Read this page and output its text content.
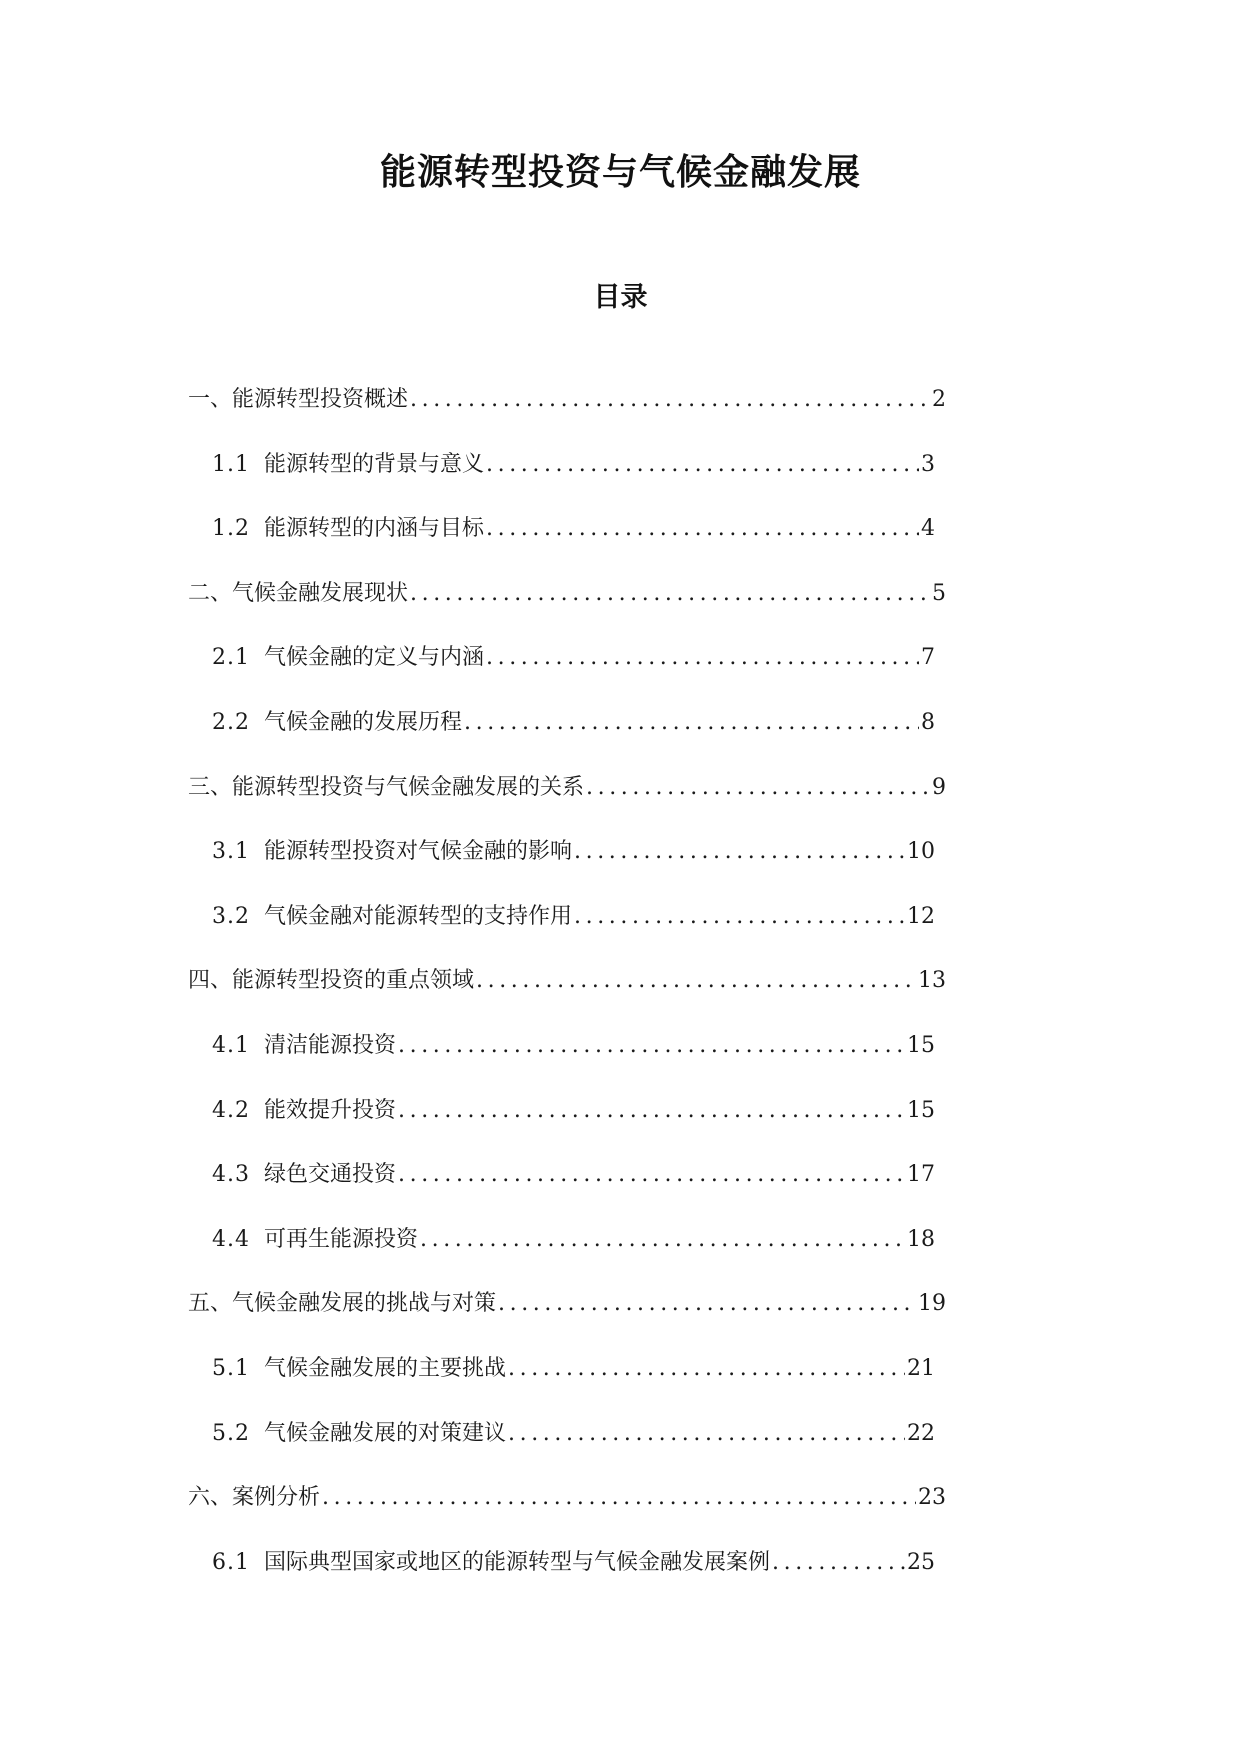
能源转型投资与气候金融发展
目录
一、能源转型投资概述 . . .	2
1.1 能源转型的背景与意义 . . .	3
1.2 能源转型的内涵与目标 . . .	4
二、气候金融发展现状 . . .	5
2.1 气候金融的定义与内涵 . . .	7
2.2 气候金融的发展历程 . . .	8
三、能源转型投资与气候金融发展的关系 . . .	9
3.1 能源转型投资对气候金融的影响 . . .	10
3.2 气候金融对能源转型的支持作用 . . .	12
四、能源转型投资的重点领域 . . .	13
4.1 清洁能源投资 . . .	15
4.2 能效提升投资 . . .	15
4.3 绿色交通投资 . . .	17
4.4 可再生能源投资 . . .	18
五、气候金融发展的挑战与对策 . . .	19
5.1 气候金融发展的主要挑战 . . .	21
5.2 气候金融发展的对策建议 . . .	22
六、案例分析 . . .	23
6.1 国际典型国家或地区的能源转型与气候金融发展案例 . . .	25
